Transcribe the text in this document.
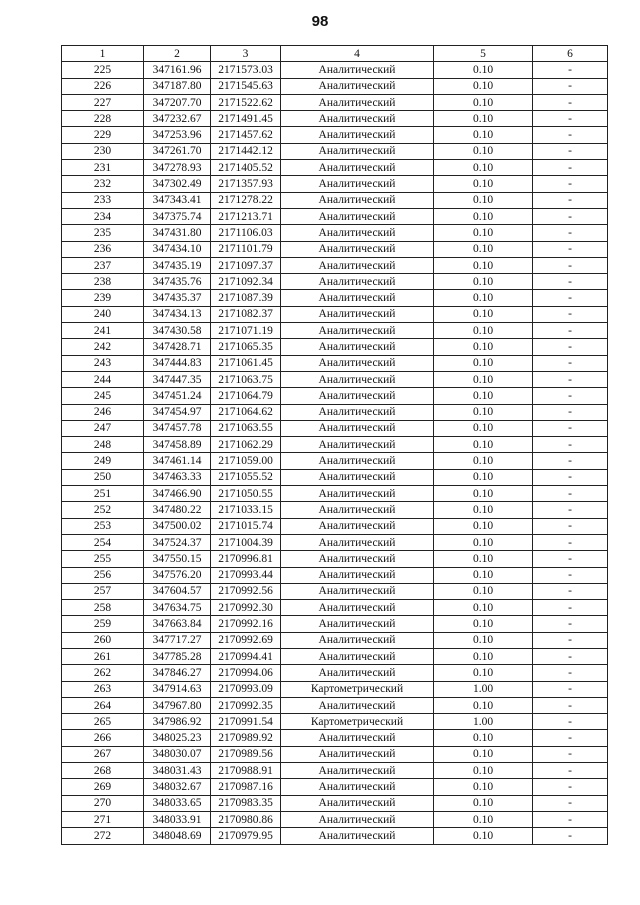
98
1	2	3	4	5	6
225	347161.96	2171573.03	Аналитический	0.10	-
226	347187.80	2171545.63	Аналитический	0.10	-
227	347207.70	2171522.62	Аналитический	0.10	-
228	347232.67	2171491.45	Аналитический	0.10	-
229	347253.96	2171457.62	Аналитический	0.10	-
230	347261.70	2171442.12	Аналитический	0.10	-
231	347278.93	2171405.52	Аналитический	0.10	-
232	347302.49	2171357.93	Аналитический	0.10	-
233	347343.41	2171278.22	Аналитический	0.10	-
234	347375.74	2171213.71	Аналитический	0.10	-
235	347431.80	2171106.03	Аналитический	0.10	-
236	347434.10	2171101.79	Аналитический	0.10	-
237	347435.19	2171097.37	Аналитический	0.10	-
238	347435.76	2171092.34	Аналитический	0.10	-
239	347435.37	2171087.39	Аналитический	0.10	-
240	347434.13	2171082.37	Аналитический	0.10	-
241	347430.58	2171071.19	Аналитический	0.10	-
242	347428.71	2171065.35	Аналитический	0.10	-
243	347444.83	2171061.45	Аналитический	0.10	-
244	347447.35	2171063.75	Аналитический	0.10	-
245	347451.24	2171064.79	Аналитический	0.10	-
246	347454.97	2171064.62	Аналитический	0.10	-
247	347457.78	2171063.55	Аналитический	0.10	-
248	347458.89	2171062.29	Аналитический	0.10	-
249	347461.14	2171059.00	Аналитический	0.10	-
250	347463.33	2171055.52	Аналитический	0.10	-
251	347466.90	2171050.55	Аналитический	0.10	-
252	347480.22	2171033.15	Аналитический	0.10	-
253	347500.02	2171015.74	Аналитический	0.10	-
254	347524.37	2171004.39	Аналитический	0.10	-
255	347550.15	2170996.81	Аналитический	0.10	-
256	347576.20	2170993.44	Аналитический	0.10	-
257	347604.57	2170992.56	Аналитический	0.10	-
258	347634.75	2170992.30	Аналитический	0.10	-
259	347663.84	2170992.16	Аналитический	0.10	-
260	347717.27	2170992.69	Аналитический	0.10	-
261	347785.28	2170994.41	Аналитический	0.10	-
262	347846.27	2170994.06	Аналитический	0.10	-
263	347914.63	2170993.09	Картометрический	1.00	-
264	347967.80	2170992.35	Аналитический	0.10	-
265	347986.92	2170991.54	Картометрический	1.00	-
266	348025.23	2170989.92	Аналитический	0.10	-
267	348030.07	2170989.56	Аналитический	0.10	-
268	348031.43	2170988.91	Аналитический	0.10	-
269	348032.67	2170987.16	Аналитический	0.10	-
270	348033.65	2170983.35	Аналитический	0.10	-
271	348033.91	2170980.86	Аналитический	0.10	-
272	348048.69	2170979.95	Аналитический	0.10	-
